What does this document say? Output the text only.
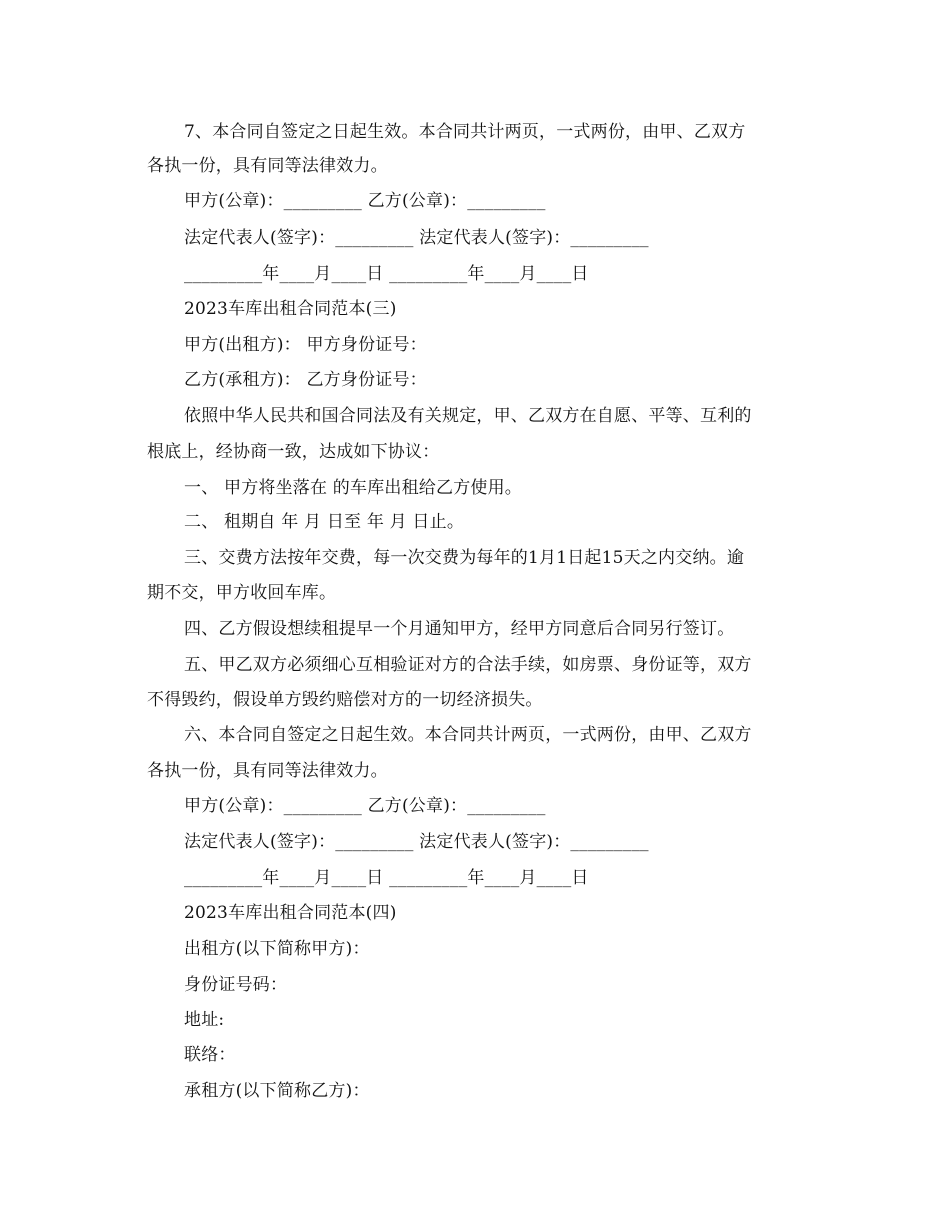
7、本合同自签定之日起生效。本合同共计两页，一式两份，由甲、乙双方
各执一份，具有同等法律效力。
甲方(公章)：_________ 乙方(公章)：_________
法定代表人(签字)：_________ 法定代表人(签字)：_________
_________年____月____日 _________年____月____日
2023车库出租合同范本(三)
甲方(出租方)： 甲方身份证号：
乙方(承租方)： 乙方身份证号：
依照中华人民共和国合同法及有关规定，甲、乙双方在自愿、平等、互利的
根底上，经协商一致，达成如下协议：
一、 甲方将坐落在 的车库出租给乙方使用。
二、 租期自 年 月 日至 年 月 日止。
三、交费方法按年交费，每一次交费为每年的1月1日起15天之内交纳。逾
期不交，甲方收回车库。
四、乙方假设想续租提早一个月通知甲方，经甲方同意后合同另行签订。
五、甲乙双方必须细心互相验证对方的合法手续，如房票、身份证等，双方
不得毁约，假设单方毁约赔偿对方的一切经济损失。
六、本合同自签定之日起生效。本合同共计两页，一式两份，由甲、乙双方
各执一份，具有同等法律效力。
甲方(公章)：_________ 乙方(公章)：_________
法定代表人(签字)：_________ 法定代表人(签字)：_________
_________年____月____日 _________年____月____日
2023车库出租合同范本(四)
出租方(以下简称甲方)：
身份证号码：
地址:
联络：
承租方(以下简称乙方)：
